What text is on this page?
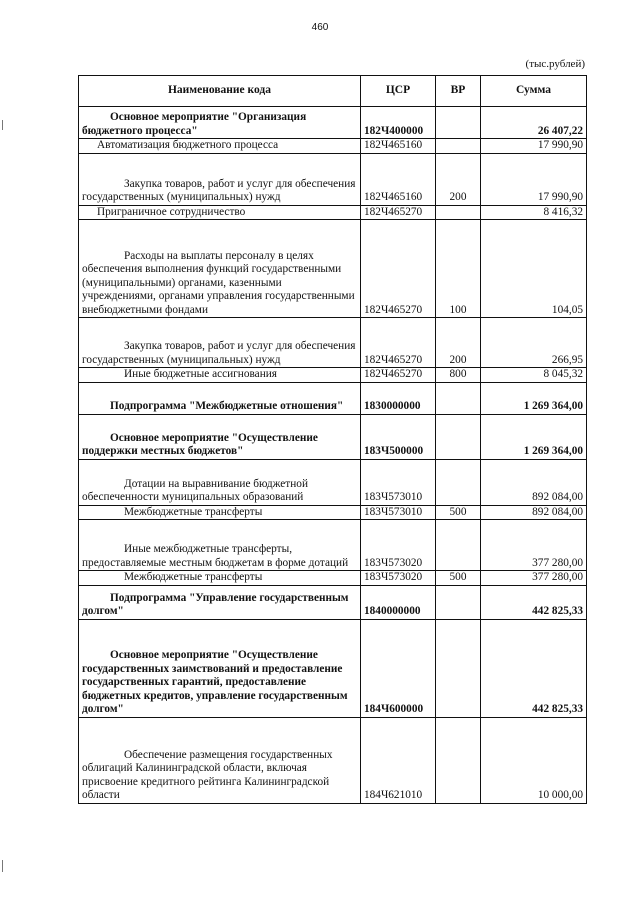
460
(тыс.рублей)
Наименование кода	ЦСР	ВР	Сумма
Основное мероприятие "Организация бюджетного процесса"	182Ч400000		26 407,22
Автоматизация бюджетного процесса	182Ч465160		17 990,90
Закупка товаров, работ и услуг для обеспечения государственных (муниципальных) нужд	182Ч465160	200	17 990,90
Приграничное сотрудничество	182Ч465270		8 416,32
Расходы на выплаты персоналу в целях обеспечения выполнения функций государственными (муниципальными) органами, казенными учреждениями, органами управления государственными внебюджетными фондами	182Ч465270	100	104,05
Закупка товаров, работ и услуг для обеспечения государственных (муниципальных) нужд	182Ч465270	200	266,95
Иные бюджетные ассигнования	182Ч465270	800	8 045,32
Подпрограмма "Межбюджетные отношения"	1830000000		1 269 364,00
Основное мероприятие "Осуществление поддержки местных бюджетов"	183Ч500000		1 269 364,00
Дотации на выравнивание бюджетной обеспеченности муниципальных образований	183Ч573010		892 084,00
Межбюджетные трансферты	183Ч573010	500	892 084,00
Иные межбюджетные трансферты, предоставляемые местным бюджетам в форме дотаций	183Ч573020		377 280,00
Межбюджетные трансферты	183Ч573020	500	377 280,00
Подпрограмма "Управление государственным долгом"	1840000000		442 825,33
Основное мероприятие "Осуществление государственных заимствований и предоставление государственных гарантий, предоставление бюджетных кредитов, управление государственным долгом"	184Ч600000		442 825,33
Обеспечение размещения государственных облигаций Калининградской области, включая присвоение кредитного рейтинга Калининградской области	184Ч621010		10 000,00
